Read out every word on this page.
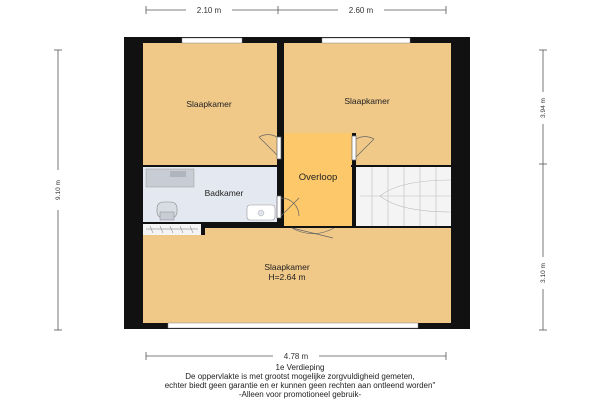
2.10 m	2.60 m
4.78 m
9.10 m
3.94 m
3.10 m
Slaapkamer	Slaapkamer
Badkamer
Overloop
Slaapkamer
H=2.64 m
1e Verdieping
De oppervlakte is met grootst mogelijke zorgvuldigheid gemeten,
echter biedt geen garantie en er kunnen geen rechten aan ontleend worden"
-Alleen voor promotioneel gebruik-
